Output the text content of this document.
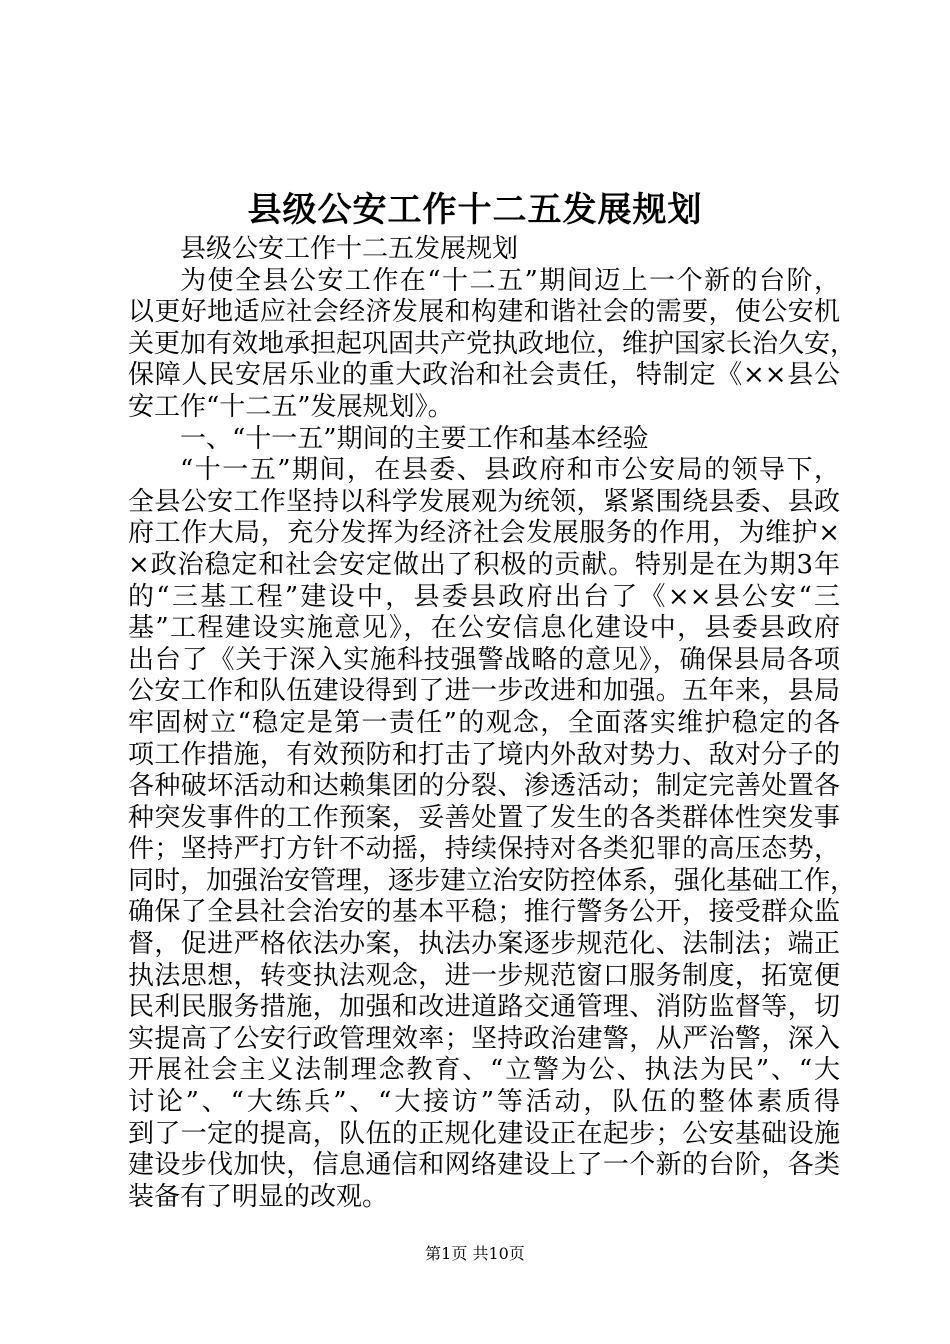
县级公安工作十二五发展规划
县级公安工作十二五发展规划
为使全县公安工作在“十二五”期间迈上一个新的台阶，
以更好地适应社会经济发展和构建和谐社会的需要，使公安机
关更加有效地承担起巩固共产党执政地位，维护国家长治久安，
保障人民安居乐业的重大政治和社会责任，特制定《××县公
安工作“十二五”发展规划》。
一、“十一五”期间的主要工作和基本经验
“十一五”期间，在县委、县政府和市公安局的领导下，
全县公安工作坚持以科学发展观为统领，紧紧围绕县委、县政
府工作大局，充分发挥为经济社会发展服务的作用，为维护×
×政治稳定和社会安定做出了积极的贡献。特别是在为期3年
的“三基工程”建设中，县委县政府出台了《××县公安“三
基”工程建设实施意见》，在公安信息化建设中，县委县政府
出台了《关于深入实施科技强警战略的意见》，确保县局各项
公安工作和队伍建设得到了进一步改进和加强。五年来，县局
牢固树立“稳定是第一责任”的观念，全面落实维护稳定的各
项工作措施，有效预防和打击了境内外敌对势力、敌对分子的
各种破坏活动和达赖集团的分裂、渗透活动；制定完善处置各
种突发事件的工作预案，妥善处置了发生的各类群体性突发事
件；坚持严打方针不动摇，持续保持对各类犯罪的高压态势，
同时，加强治安管理，逐步建立治安防控体系，强化基础工作，
确保了全县社会治安的基本平稳；推行警务公开，接受群众监
督，促进严格依法办案，执法办案逐步规范化、法制法；端正
执法思想，转变执法观念，进一步规范窗口服务制度，拓宽便
民利民服务措施，加强和改进道路交通管理、消防监督等，切
实提高了公安行政管理效率；坚持政治建警，从严治警，深入
开展社会主义法制理念教育、“立警为公、执法为民”、“大
讨论”、“大练兵”、“大接访”等活动，队伍的整体素质得
到了一定的提高，队伍的正规化建设正在起步；公安基础设施
建设步伐加快，信息通信和网络建设上了一个新的台阶，各类
装备有了明显的改观。
第1页 共10页
